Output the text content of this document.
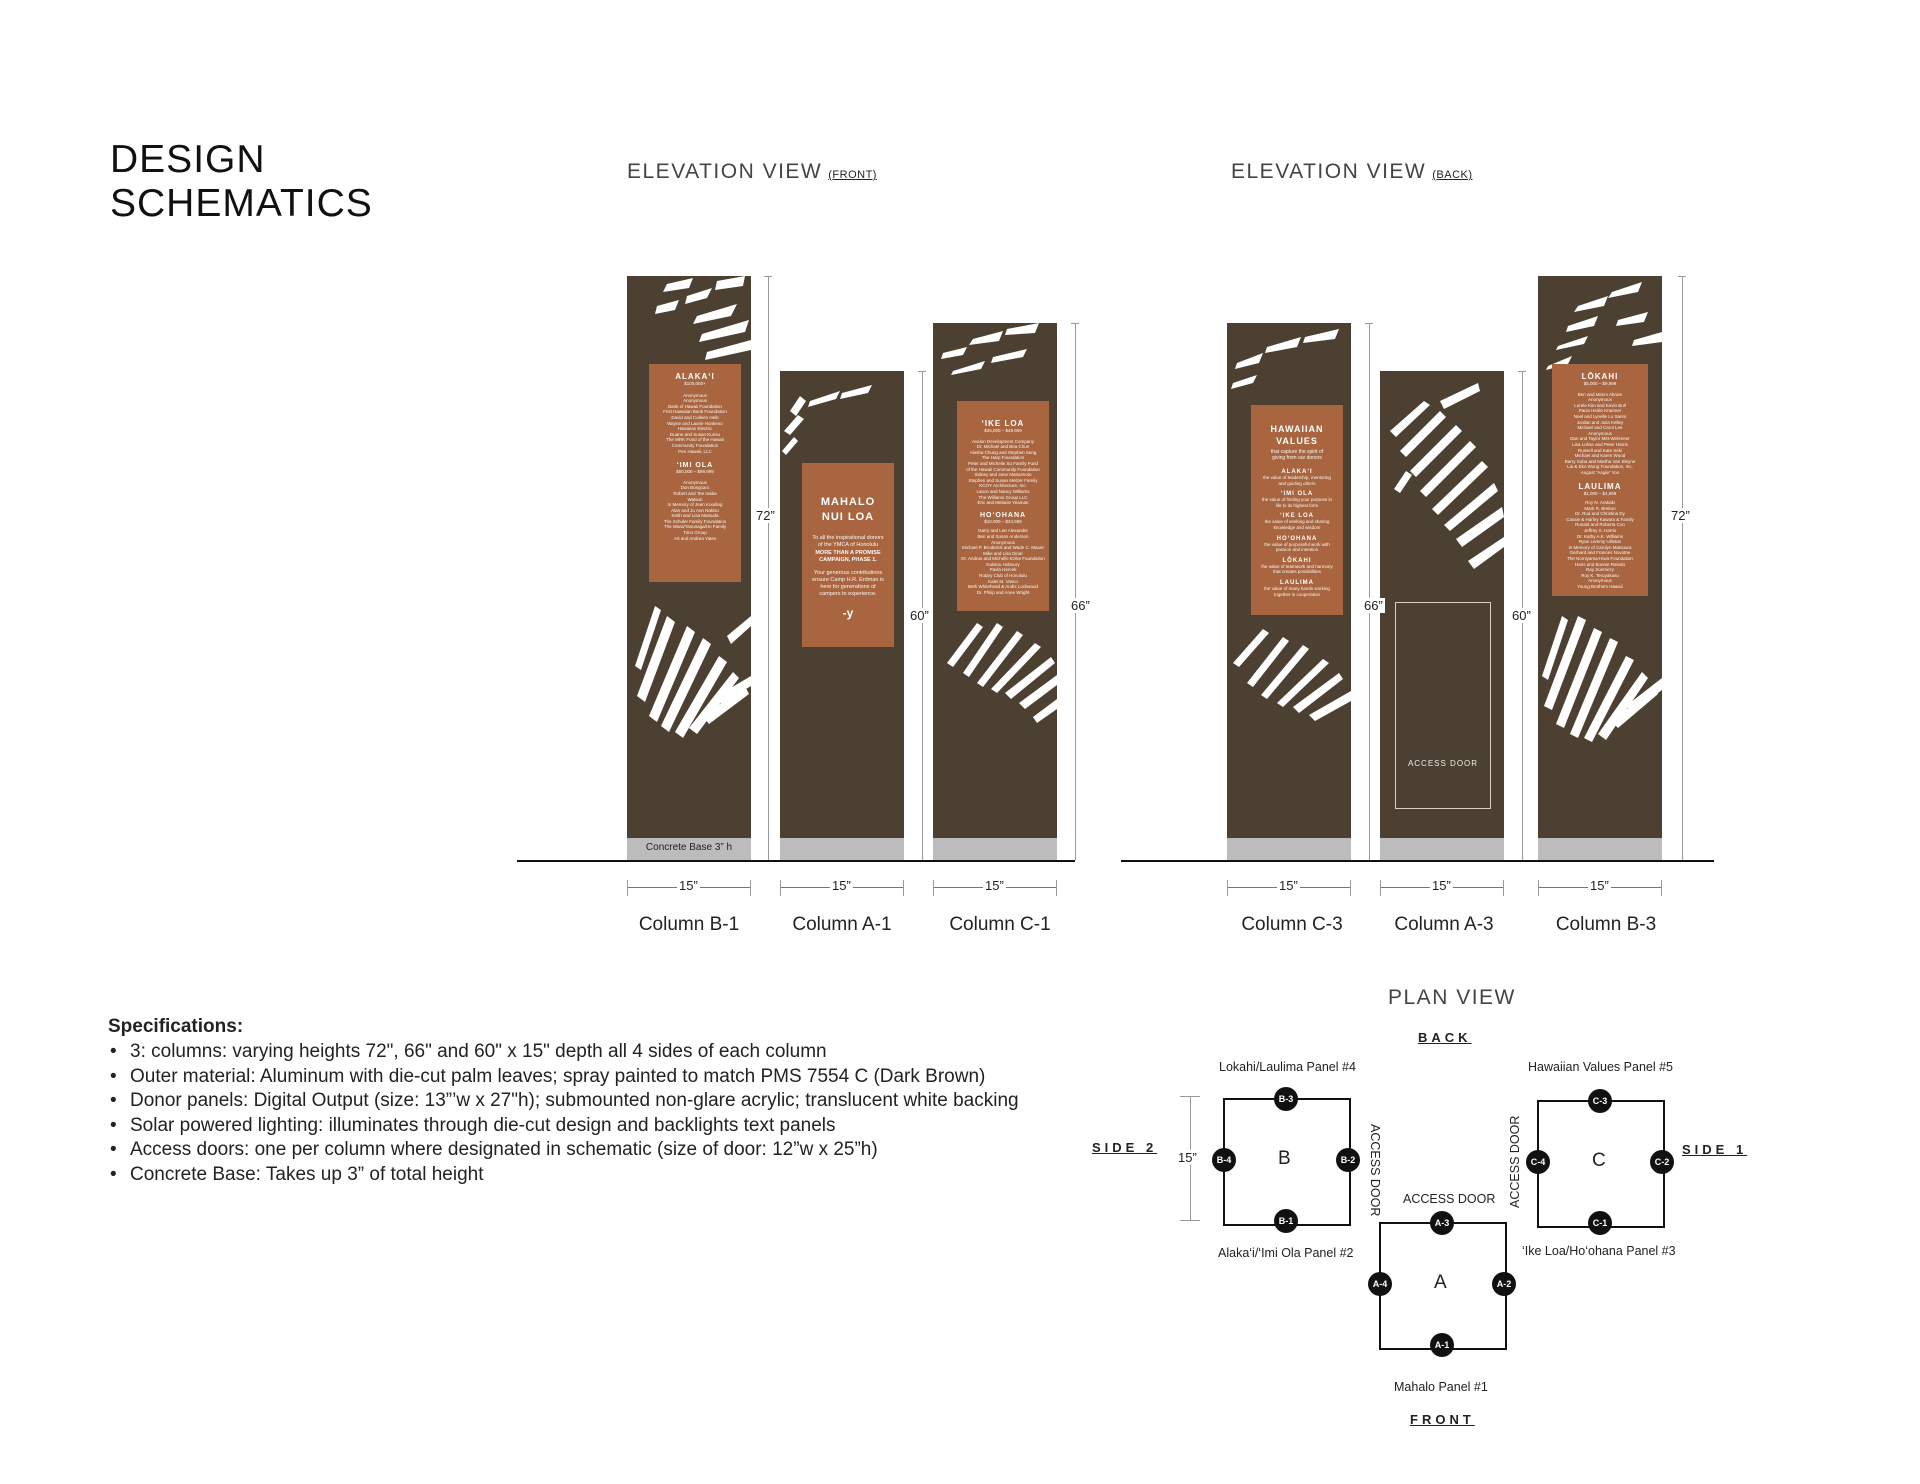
DESIGN
SCHEMATICS
ELEVATION VIEW (FRONT)	ELEVATION VIEW (BACK)
ALAKA‘I
$100,000+
Anonymous
Anonymous
Bank of Hawaii Foundation
First Hawaiian Bank Foundation
David and Colleen Heib
Wayne and Laurie Honkeno
Hawaiian Electric
Duane and Susan Kurisu
The MRK Fund of the Hawaii
Community Foundation
Pen Hawaii, LLC
‘IMI OLA
$50,000 – $99,999
Anonymous
Don Bongcaro
Robert and Tee Inaba
Watson
In Memory of Jean Kooding
Alan and Jo Ann Nakiso
Keith and Lisa Matsuda
The Schuler Family Foundation
The Wara/Yasunaga/Ho Family
Timo Group
Art and Andrea Yates
Concrete Base 3” h
MAHALO
NUI LOA
To all the inspirational donors of the YMCA of Honolulu
MORE THAN A PROMISE CAMPAIGN, PHASE 1.
Your generous contributions ensure Camp H.R. Erdman is here for generations of campers to experience.
-y
‘IKE LOA
$25,000 – $49,999
Avalon Development Company
Dr. Michael and Bea Chun
Alasha Chung and Stephen Sung
The Harp Foundation
Peter and Michelle So Family Fund
of the Hawaii Community Foundation
Sidney and Jane Matsumoto
Stephen and Susan Metzer Family
KCOY Architecture, Inc.
Lance and Nancy Williams
The Williams Group LLC
Eric and Melanie Yeaman
HO‘OHANA
$10,000 – $24,999
Garry and Lee Alexander
Ben and Susan Anderson
Anonymous
Michael P. Broderick and Wade C. Mauer
Mike and Lisa Dinar
Dr. Andrus and Michelle Ezike Foundation
Kalolou Hoboury
Pavla Hercek
Rotary Club of Honolulu
Kalei M. Vasco
Beth Whitehead & Andis Lockwood
Dr. Philip and Anne Wright
HAWAIIAN
VALUES
that capture the spirit of giving from our donors
ALAKA‘I
the value of leadership, mentoring and guiding others
‘IMI OLA
the value of finding your purpose in life to its highest form
‘IKE LOA
the value of seeking and sharing knowledge and wisdom
HO‘OHANA
the value of purposeful work with passion and intention
LŌKAHI
the value of teamwork and harmony that creates possibilities
LAULIMA
the value of many hands working together in cooperation
ACCESS DOOR
LŌKAHI
$5,000 – $9,999
Ben and Mimm Abram
Anonymous
Lorele Kim and Kevin Bull
Pacia Heide Kraemer
Noel and Lynelle Lo Sarim
Jordan and Julia Kelley
Michael and Carol Lee
Anonymous
Dan and Taylor Mitt-Wehmeer
Lisa Lohse and Peter Harris
Russell and Kate Seki
Michael and Karen Wood
Barry Suba and Martha Van Sleyne
Lia & Eko Wong Foundation, Inc.
August “Angie” Yoo
LAULIMA
$1,000 – $4,999
Roy N. Arakaki
Mark R. Brekon
Dr. Rod and Christina Dy
Cassie & Harley Kawara & Family
Ronald and Roberta Coo
Jeffrey S. Harris
Dr. Kathy A.K. Williams
Ryan Lemmy Ullistan
In Memory of Carolyn Matsuura
Gerhard and Frances Novotne
The Nomiyama-Hiwa Foundation
Hans and Bonnie Reindo
Ray Sonmezy
Roy K. Teruyakasu
Anonymous
Young Brothers Hawaii
72”
60”
66”	66”
60”
72”
15”	15”	15”	15”	15”	15”
Column B-1	Column A-1	Column C-1	Column C-3	Column A-3	Column B-3
Specifications:
• 3: columns: varying heights 72", 66" and 60" x 15" depth all 4 sides of each column
• Outer material: Aluminum with die-cut palm leaves; spray painted to match PMS 7554 C (Dark Brown)
• Donor panels: Digital Output (size: 13”’w x 27"h); submounted non-glare acrylic; translucent white backing
• Solar powered lighting: illuminates through die-cut design and backlights text panels
• Access doors: one per column where designated in schematic (size of door: 12”w x 25”h)
• Concrete Base: Takes up 3” of total height
PLAN VIEW
BACK
FRONT
SIDE 2	SIDE 1
Lokahi/Laulima Panel #4	Hawaiian Values Panel #5
Alaka‘i/‘Imi Ola Panel #2	‘Ike Loa/Ho‘ohana Panel #3
Mahalo Panel #1
ACCESS DOOR
15”	B
B-3
B-1
B-4	B-2	ACCESS DOOR
A
A-3
A-1
A-4	A-2
C
C-3
C-1
C-4	C-2
ACCESS DOOR
